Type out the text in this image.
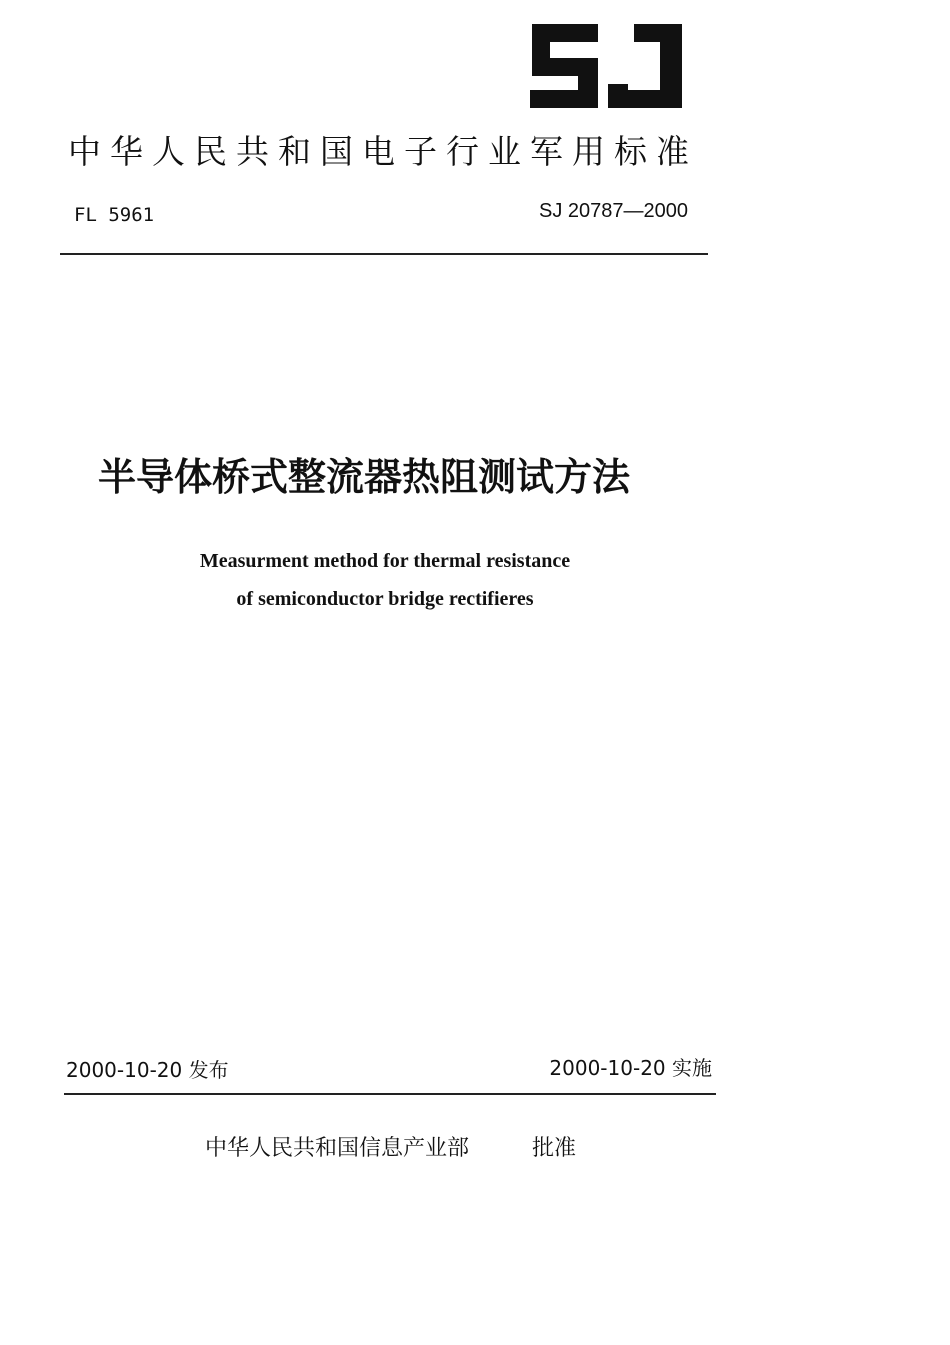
中华人民共和国电子行业军用标准
FL 5961	SJ 20787—2000
半导体桥式整流器热阻测试方法
Measurment method for thermal resistance
of semiconductor bridge rectifieres
2000-10-20 发布	2000-10-20 实施
中华人民共和国信息产业部	批准
